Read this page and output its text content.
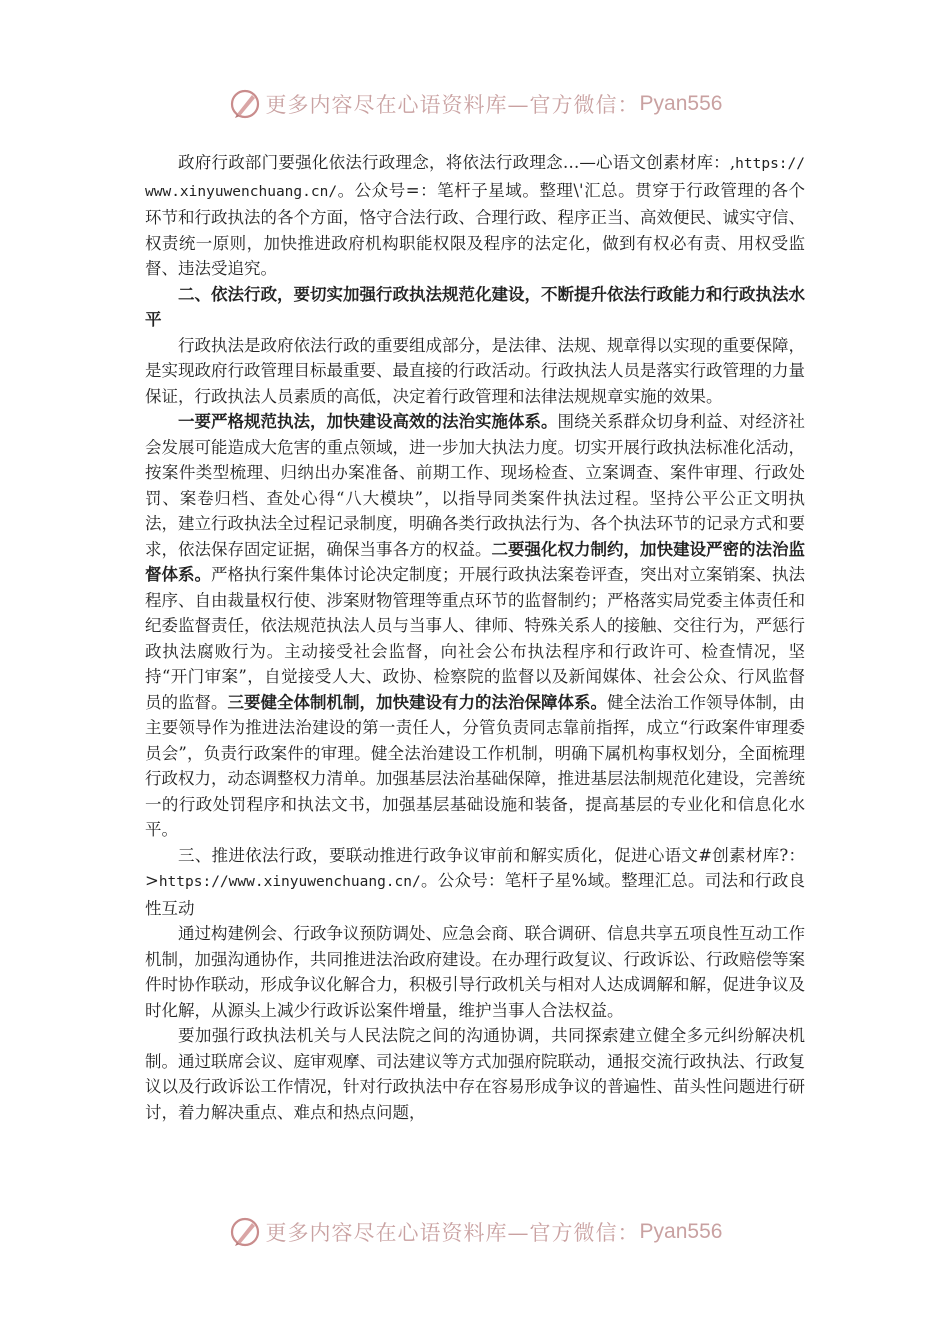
更多内容尽在心语资料库—官方微信： Pyan556

政府行政部门要强化依法行政理念，将依法行政理念…—心语文创素材库：,https://www.xinyuwenchuang.cn/。公众号=：笔杆子星域。整理\'汇总。贯穿于行政管理的各个环节和行政执法的各个方面，恪守合法行政、合理行政、程序正当、高效便民、诚实守信、权责统一原则，加快推进政府机构职能权限及程序的法定化，做到有权必有责、用权受监督、违法受追究。

二、依法行政，要切实加强行政执法规范化建设，不断提升依法行政能力和行政执法水平

行政执法是政府依法行政的重要组成部分，是法律、法规、规章得以实现的重要保障，是实现政府行政管理目标最重要、最直接的行政活动。行政执法人员是落实行政管理的力量保证，行政执法人员素质的高低，决定着行政管理和法律法规规章实施的效果。

一要严格规范执法，加快建设高效的法治实施体系。围绕关系群众切身利益、对经济社会发展可能造成大危害的重点领域，进一步加大执法力度。切实开展行政执法标准化活动，按案件类型梳理、归纳出办案准备、前期工作、现场检查、立案调查、案件审理、行政处罚、案卷归档、查处心得“八大模块”，以指导同类案件执法过程。坚持公平公正文明执法，建立行政执法全过程记录制度，明确各类行政执法行为、各个执法环节的记录方式和要求，依法保存固定证据，确保当事各方的权益。二要强化权力制约，加快建设严密的法治监督体系。严格执行案件集体讨论决定制度；开展行政执法案卷评查，突出对立案销案、执法程序、自由裁量权行使、涉案财物管理等重点环节的监督制约；严格落实局党委主体责任和纪委监督责任，依法规范执法人员与当事人、律师、特殊关系人的接触、交往行为，严惩行政执法腐败行为。主动接受社会监督，向社会公布执法程序和行政许可、检查情况，坚持“开门审案”，自觉接受人大、政协、检察院的监督以及新闻媒体、社会公众、行风监督员的监督。三要健全体制机制，加快建设有力的法治保障体系。健全法治工作领导体制，由主要领导作为推进法治建设的第一责任人，分管负责同志靠前指挥，成立“行政案件审理委员会”，负责行政案件的审理。健全法治建设工作机制，明确下属机构事权划分，全面梳理行政权力，动态调整权力清单。加强基层法治基础保障，推进基层法制规范化建设，完善统一的行政处罚程序和执法文书，加强基层基础设施和装备，提高基层的专业化和信息化水平。

三、推进依法行政，要联动推进行政争议审前和解实质化，促进心语文#创素材库?：>https://www.xinyuwenchuang.cn/。公众号：笔杆子星%域。整理汇总。司法和行政良性互动

通过构建例会、行政争议预防调处、应急会商、联合调研、信息共享五项良性互动工作机制，加强沟通协作，共同推进法治政府建设。在办理行政复议、行政诉讼、行政赔偿等案件时协作联动，形成争议化解合力，积极引导行政机关与相对人达成调解和解，促进争议及时化解，从源头上减少行政诉讼案件增量，维护当事人合法权益。

要加强行政执法机关与人民法院之间的沟通协调，共同探索建立健全多元纠纷解决机制。通过联席会议、庭审观摩、司法建议等方式加强府院联动，通报交流行政执法、行政复议以及行政诉讼工作情况，针对行政执法中存在容易形成争议的普遍性、苗头性问题进行研讨，着力解决重点、难点和热点问题，

更多内容尽在心语资料库—官方微信： Pyan556
